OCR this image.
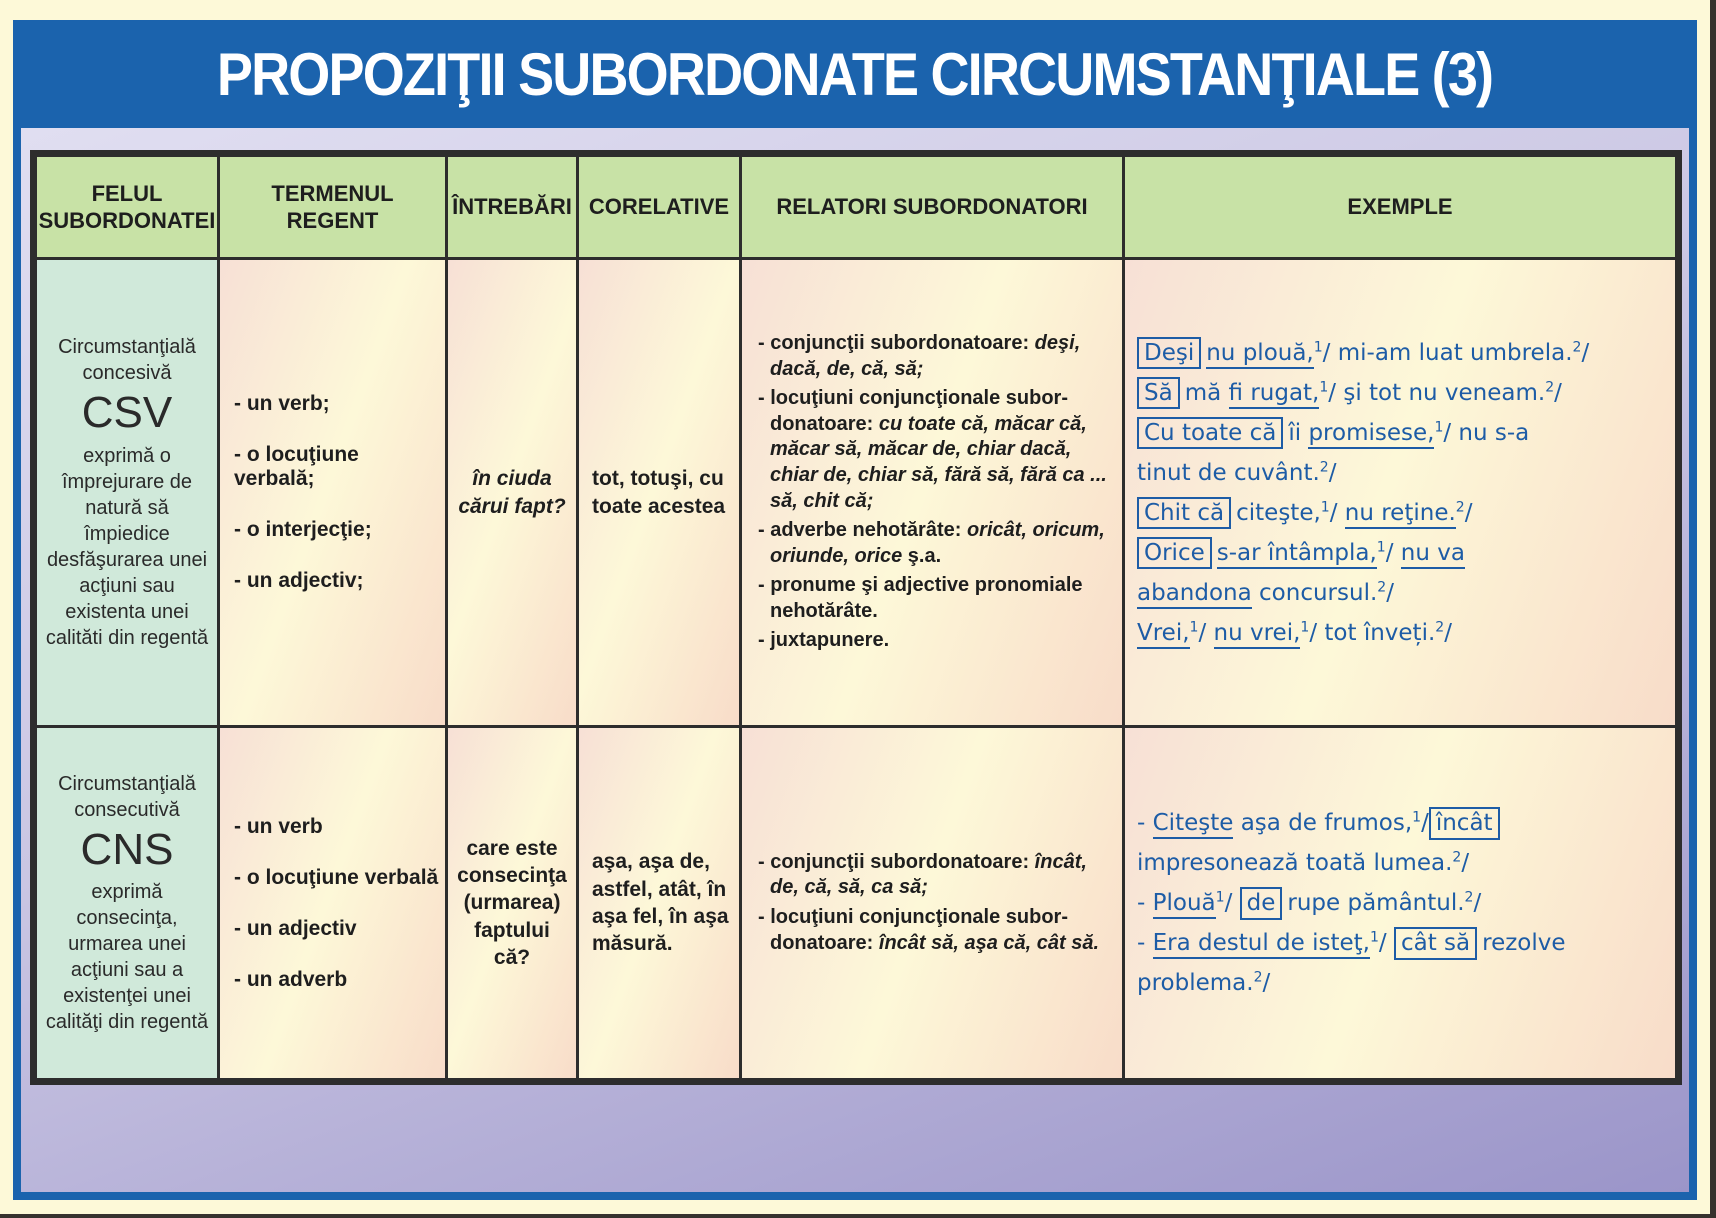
PROPOZIŢII SUBORDONATE CIRCUMSTANŢIALE (3)
FELUL SUBORDONATEI
TERMENUL REGENT
ÎNTREBĂRI CORELATIVE	RELATORI SUBORDONATORI	EXEMPLE
Circumstanţială concesivă
CSV
exprimă o împrejurare de natură să împiedice desfăşurarea unei acţiuni sau existenta unei calităti din regentă
- un verb;
- o locuţiune verbală;
- o interjecţie;
- un adjectiv;
în ciuda cărui fapt?
tot, totuşi, cu toate acestea
- conjuncţii subordonatoare: deşi, dacă, de, că, să;
- locuţiuni conjuncţionale subor-donatoare: cu toate că, măcar că, măcar să, măcar de, chiar dacă, chiar de, chiar să, fără să, fără ca ... să, chit că;
- adverbe nehotărâte: oricât, oricum, oriunde, orice ş.a.
- pronume şi adjective pronomiale nehotărâte.
- juxtapunere.
Deşi nu plouă,$^1$/ mi-am luat umbrela.$^2$/
Să mă fi rugat,$^1$/ şi tot nu veneam.$^2$/
Cu toate că îi promisese,$^1$/ nu s-a
tinut de cuvânt.$^2$/
Chit că citeşte,$^1$/ nu reţine.$^2$/
Orice s-ar întâmpla,$^1$/ nu va
abandona concursul.$^2$/
Vrei,$^1$/ nu vrei,$^1$/ tot înveți.$^2$/
Circumstanţială consecutivă
CNS
exprimă consecinţa, urmarea unei acţiuni sau a existenţei unei calităţi din regentă
- un verb
- o locuţiune verbală
- un adjectiv
- un adverb
care este consecinţa (urmarea) faptului că?
aşa, aşa de, astfel, atât, în aşa fel, în aşa măsură.
- conjuncţii subordonatoare: încât, de, că, să, ca să;
- locuţiuni conjuncţionale subor-donatoare: încât să, aşa că, cât să.
- Citeşte aşa de frumos,$^1$/ încât
impresonează toată lumea.$^2$/
- Plouă$^1$/ de rupe pământul.$^2$/
- Era destul de isteţ,$^1$/ cât să rezolve
problema.$^2$/
